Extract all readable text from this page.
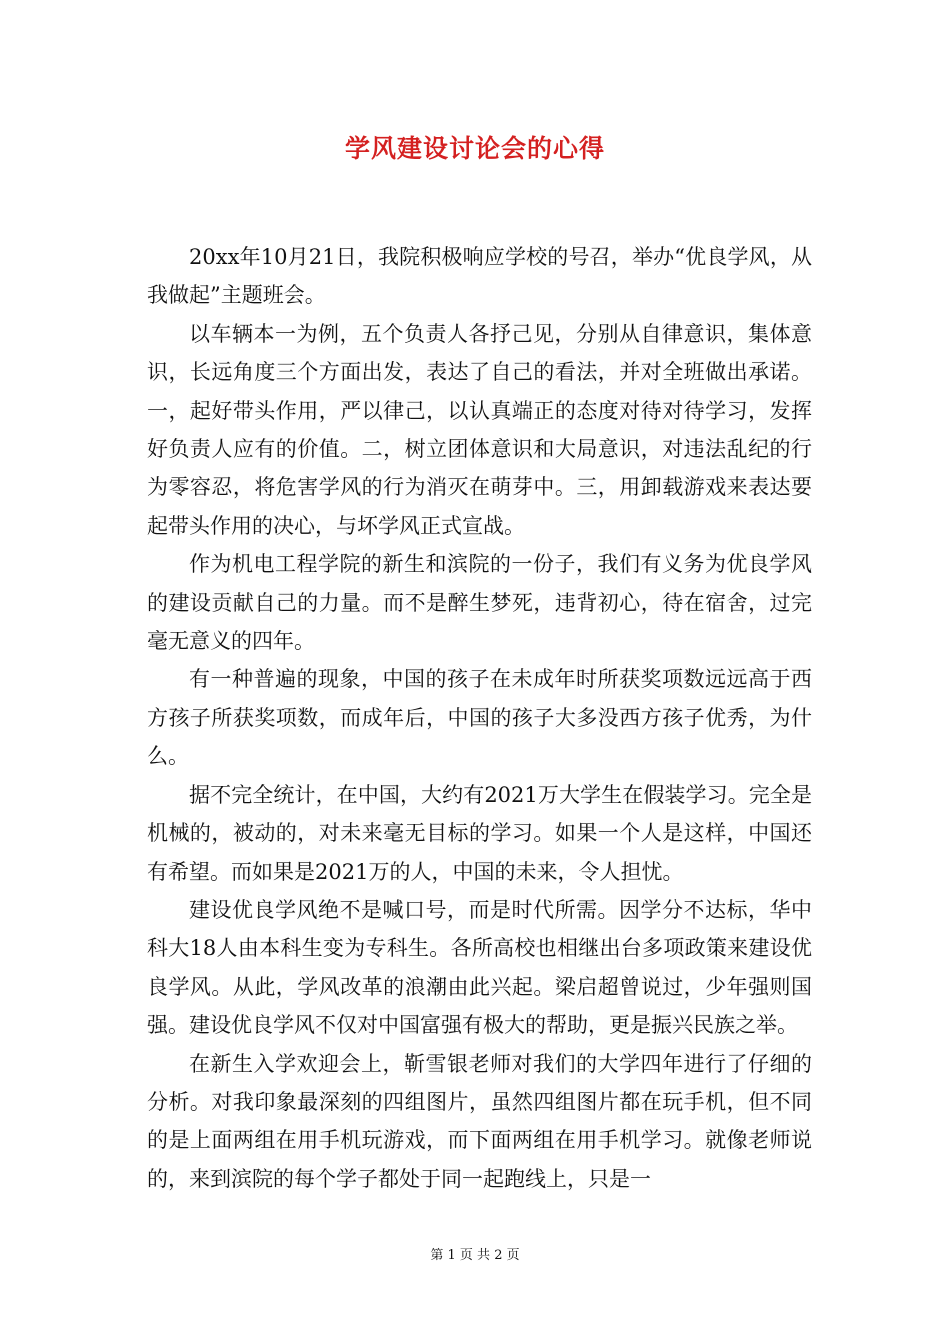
学风建设讨论会的心得

20xx年10月21日，我院积极响应学校的号召，举办“优良学风，从我做起”主题班会。

以车辆本一为例，五个负责人各抒己见，分别从自律意识，集体意识，长远角度三个方面出发，表达了自己的看法，并对全班做出承诺。一，起好带头作用，严以律己，以认真端正的态度对待对待学习，发挥好负责人应有的价值。二，树立团体意识和大局意识，对违法乱纪的行为零容忍，将危害学风的行为消灭在萌芽中。三，用卸载游戏来表达要起带头作用的决心，与坏学风正式宣战。

作为机电工程学院的新生和滨院的一份子，我们有义务为优良学风的建设贡献自己的力量。而不是醉生梦死，违背初心，待在宿舍，过完毫无意义的四年。

有一种普遍的现象，中国的孩子在未成年时所获奖项数远远高于西方孩子所获奖项数，而成年后，中国的孩子大多没西方孩子优秀，为什么。

据不完全统计，在中国，大约有2021万大学生在假装学习。完全是机械的，被动的，对未来毫无目标的学习。如果一个人是这样，中国还有希望。而如果是2021万的人，中国的未来，令人担忧。

建设优良学风绝不是喊口号，而是时代所需。因学分不达标，华中科大18人由本科生变为专科生。各所高校也相继出台多项政策来建设优良学风。从此，学风改革的浪潮由此兴起。梁启超曾说过，少年强则国强。建设优良学风不仅对中国富强有极大的帮助，更是振兴民族之举。

在新生入学欢迎会上，靳雪银老师对我们的大学四年进行了仔细的分析。对我印象最深刻的四组图片，虽然四组图片都在玩手机，但不同的是上面两组在用手机玩游戏，而下面两组在用手机学习。就像老师说的，来到滨院的每个学子都处于同一起跑线上，只是一

第 1 页 共 2 页
